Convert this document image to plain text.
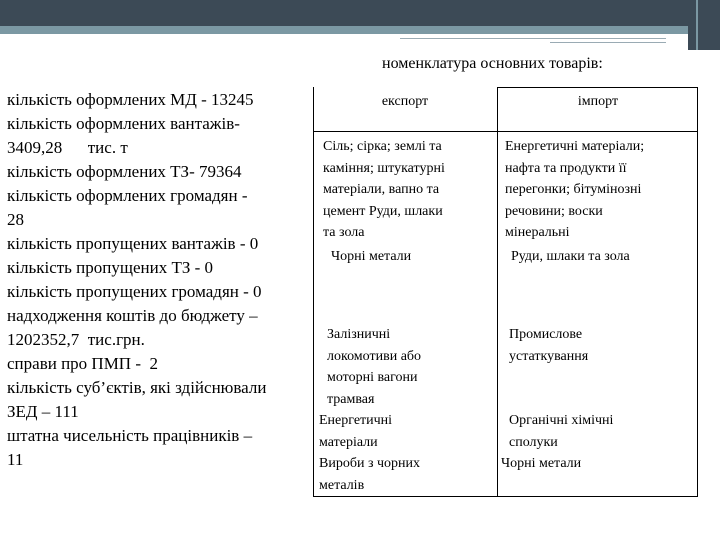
номенклатура основних товарів:
кількість оформлених МД - 13245
кількість оформлених вантажів-
3409,28      тис. т
кількість оформлених ТЗ- 79364
кількість оформлених громадян -
28
кількість пропущених вантажів - 0
кількість пропущених ТЗ - 0
кількість пропущених громадян - 0
надходження коштів до бюджету –
1202352,7  тис.грн.
справи про ПМП -  2
кількість суб’єктів, які здійснювали
ЗЕД – 111
штатна чисельність працівників –
11
експорт	імпорт
Сіль; сірка; землі та
каміння; штукатурні
матеріали, вапно та
цемент Руди, шлаки
та зола
Чорні метали
Залізничні
локомотиви або
моторні вагони
трамвая
Енергетичні
матеріали
Вироби з чорних
металів
Енергетичні матеріали;
нафта та продукти її
перегонки; бітумінозні
речовини; воски
мінеральні
Руди, шлаки та зола
Промислове
устаткування
Органічні хімічні
сполуки
Чорні метали
